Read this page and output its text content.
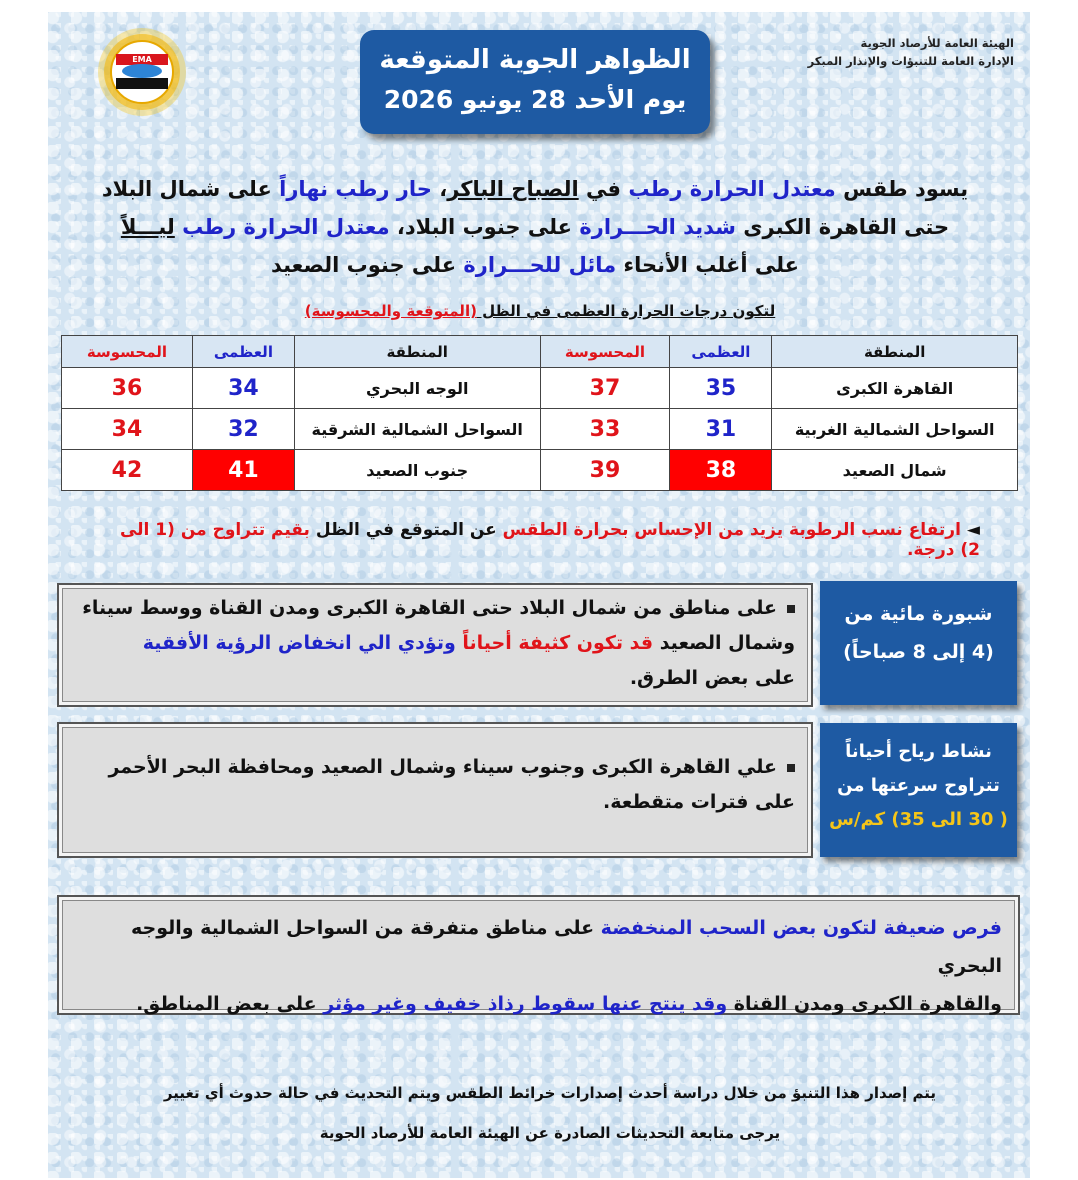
الهيئة العامة للأرصاد الجوية
الإدارة العامة للتنبؤات والإنذار المبكر
EMA	الظواهر الجوية المتوقعة
يوم الأحد 28 يونيو 2026

يسود طقس معتدل الحرارة رطب في الصباح الباكر، حار رطب نهاراً على شمال البلاد

حتى القاهرة الكبرى شديد الحـــرارة على جنوب البلاد، معتدل الحرارة رطب ليـــلاً

على أغلب الأنحاء مائل للحـــرارة على جنوب الصعيد

لتكون درجات الحرارة العظمى في الظل (المتوقعة والمحسوسة)
المنطقة	العظمى	المحسوسة	المنطقة	العظمى	المحسوسة
القاهرة الكبرى	35	37	الوجه البحري	34	36
السواحل الشمالية الغربية	31	33	السواحل الشمالية الشرقية	32	34
شمال الصعيد	38	39	جنوب الصعيد	41	42
◄ارتفاع نسب الرطوبة يزيد من الإحساس بحرارة الطقس عن المتوقع في الظل بقيم تتراوح من (1 الى 2) درجة.
شبورة مائية من
(4 إلى 8 صباحاً)
على مناطق من شمال البلاد حتى القاهرة الكبرى ومدن القناة ووسط سيناء
وشمال الصعيد قد تكون كثيفة أحياناً وتؤدي الي انخفاض الرؤية الأفقية
على بعض الطرق.
نشاط رياح أحياناً
تتراوح سرعتها من
( 30 الى 35) كم/س
علي القاهرة الكبرى وجنوب سيناء وشمال الصعيد ومحافظة البحر الأحمر
على فترات متقطعة.
فرص ضعيفة لتكون بعض السحب المنخفضة على مناطق متفرقة من السواحل الشمالية والوجه البحري
والقاهرة الكبرى ومدن القناة وقد ينتج عنها سقوط رذاذ خفيف وغير مؤثر على بعض المناطق.

يتم إصدار هذا التنبؤ من خلال دراسة أحدث إصدارات خرائط الطقس ويتم التحديث في حالة حدوث أي تغيير

يرجى متابعة التحديثات الصادرة عن الهيئة العامة للأرصاد الجوية
